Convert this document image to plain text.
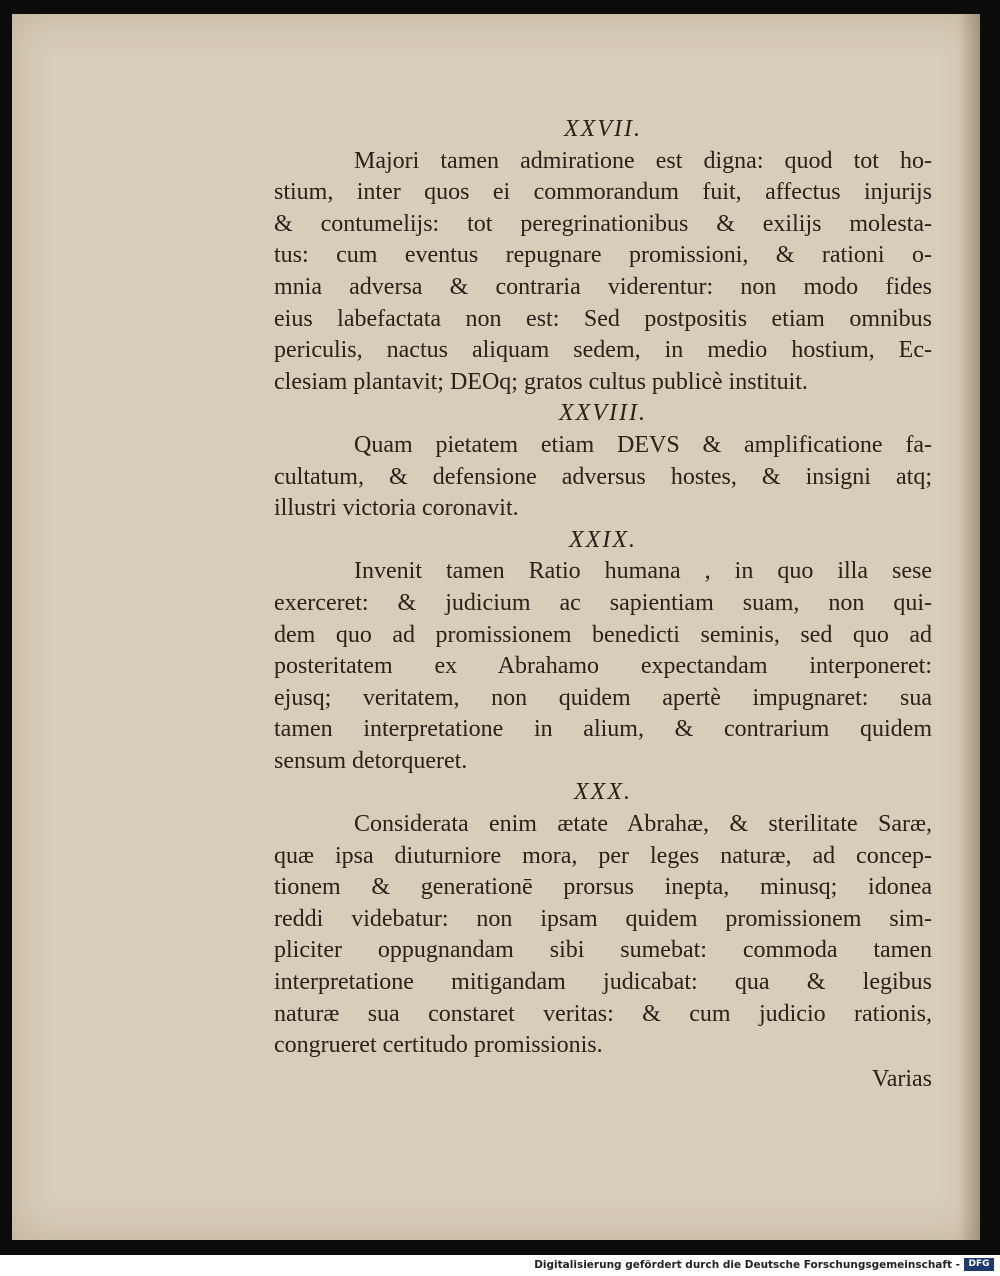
XXVII.
Majori tamen admiratione est digna: quod tot ho-
stium, inter quos ei commorandum fuit, affectus injurijs
& contumelijs: tot peregrinationibus & exilijs molesta-
tus: cum eventus repugnare promissioni, & rationi o-
mnia adversa & contraria viderentur: non modo fides
eius labefactata non est: Sed postpositis etiam omnibus
periculis, nactus aliquam sedem, in medio hostium, Ec-
clesiam plantavit; DEOq; gratos cultus publicè instituit.
XXVIII.
Quam pietatem etiam DEVS & amplificatione fa-
cultatum, & defensione adversus hostes, & insigni atq;
illustri victoria coronavit.
XXIX.
Invenit tamen Ratio humana , in quo illa sese
exerceret: & judicium ac sapientiam suam, non qui-
dem quo ad promissionem benedicti seminis, sed quo ad
posteritatem ex Abrahamo expectandam interponeret:
ejusq; veritatem, non quidem apertè impugnaret: sua
tamen interpretatione in alium, & contrarium quidem
sensum detorqueret.
XXX.
Considerata enim ætate Abrahæ, & sterilitate Saræ,
quæ ipsa diuturniore mora, per leges naturæ, ad concep-
tionem & generationē prorsus inepta, minusq; idonea
reddi videbatur: non ipsam quidem promissionem sim-
pliciter oppugnandam sibi sumebat: commoda tamen
interpretatione mitigandam judicabat: qua & legibus
naturæ sua constaret veritas: & cum judicio rationis,
congrueret certitudo promissionis.
Varias
Digitalisierung gefördert durch die Deutsche Forschungsgemeinschaft - DFG
